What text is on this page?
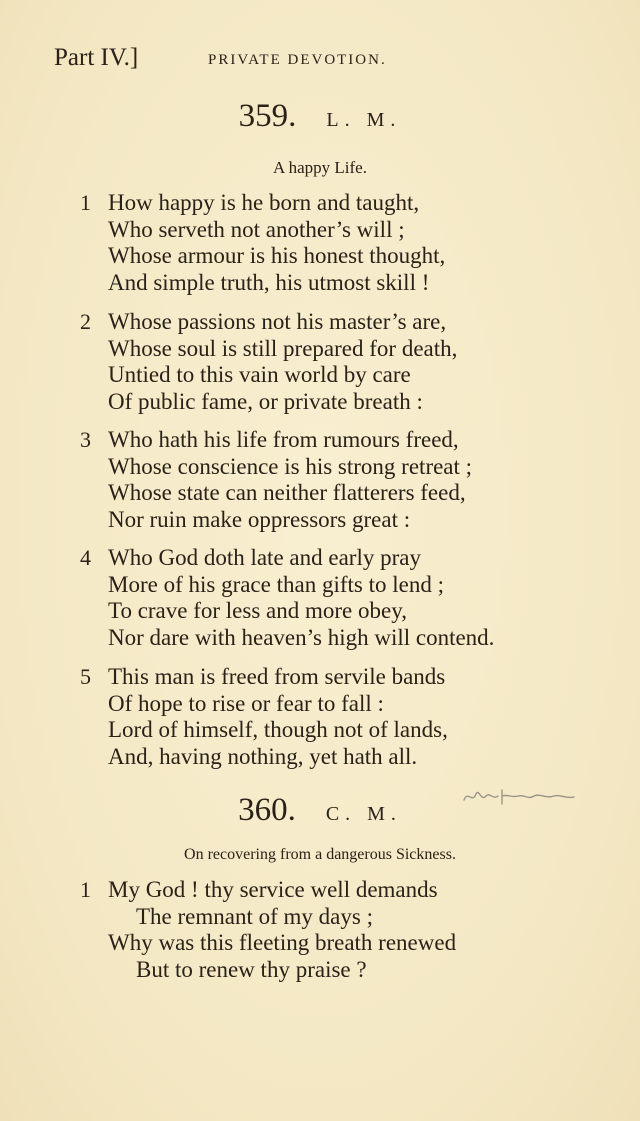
Part IV.]	PRIVATE DEVOTION.
359. L. M.
A happy Life.
1 How happy is he born and taught,
Who serveth not another’s will ;
Whose armour is his honest thought,
And simple truth, his utmost skill !
2 Whose passions not his master’s are,
Whose soul is still prepared for death,
Untied to this vain world by care
Of public fame, or private breath :
3 Who hath his life from rumours freed,
Whose conscience is his strong retreat ;
Whose state can neither flatterers feed,
Nor ruin make oppressors great :
4 Who God doth late and early pray
More of his grace than gifts to lend ;
To crave for less and more obey,
Nor dare with heaven’s high will contend.
5 This man is freed from servile bands
Of hope to rise or fear to fall :
Lord of himself, though not of lands,
And, having nothing, yet hath all.
360. C. M.
On recovering from a dangerous Sickness.
1 My God ! thy service well demands
The remnant of my days ;
Why was this fleeting breath renewed
But to renew thy praise ?
